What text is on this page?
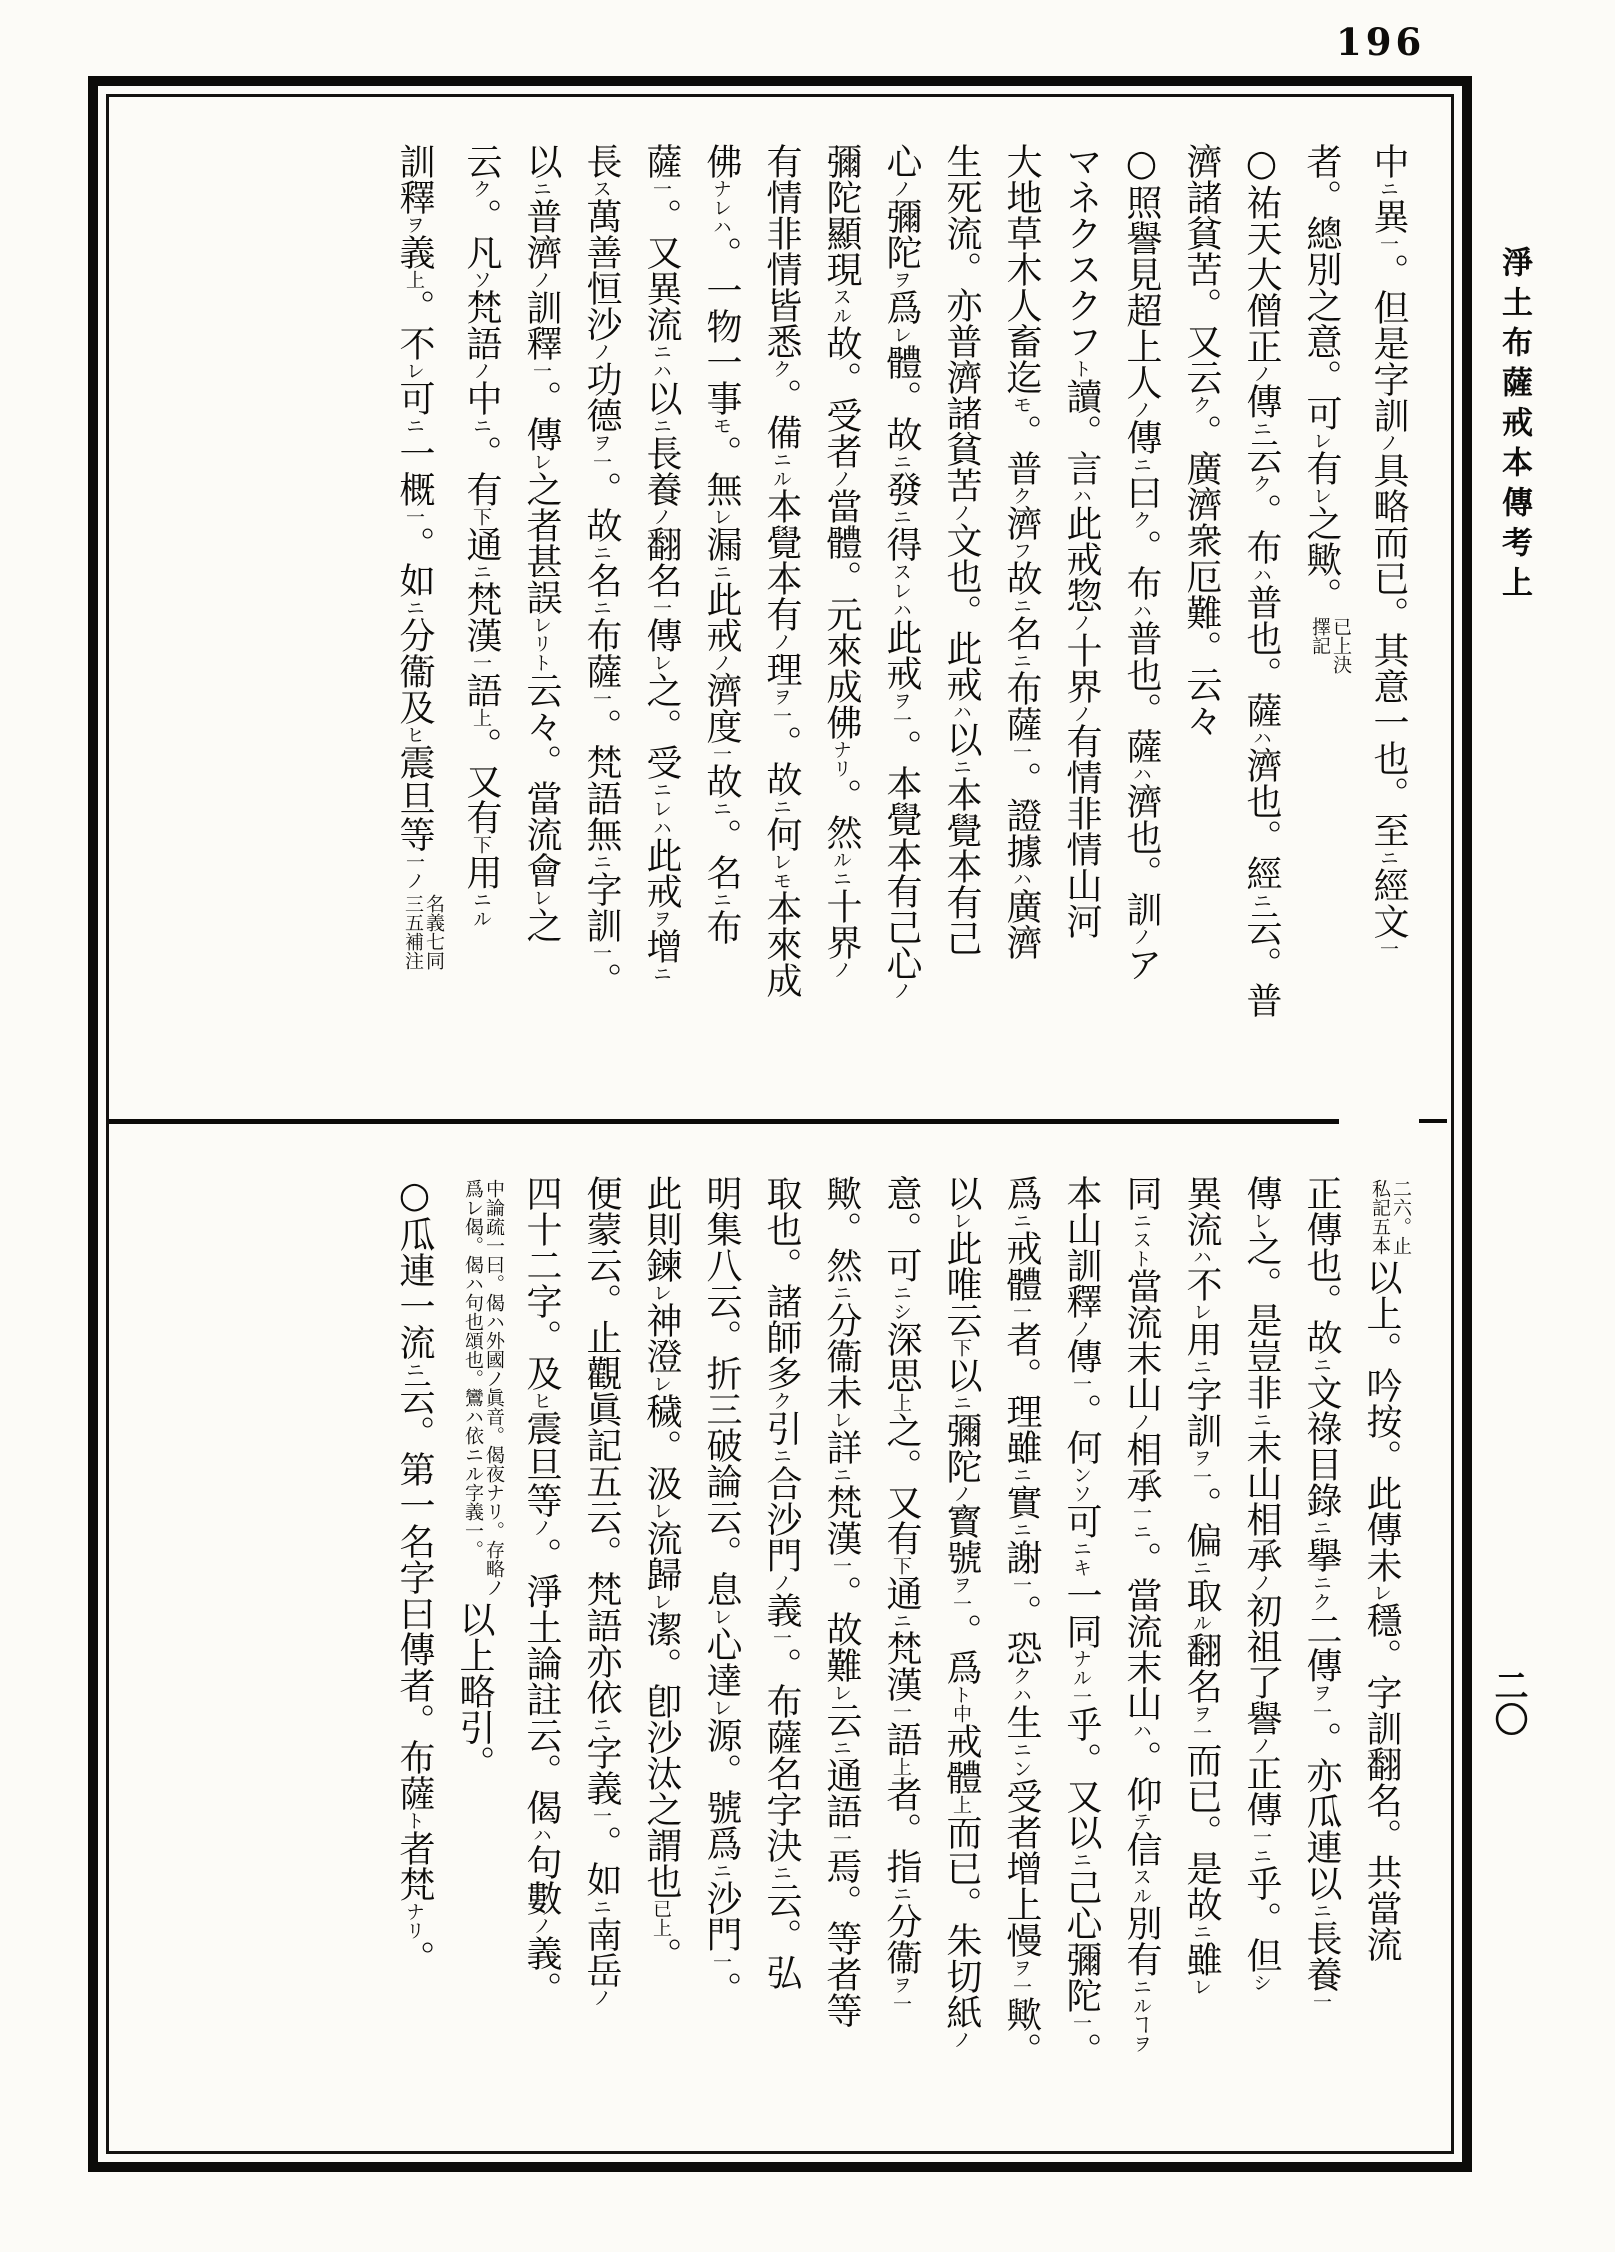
196
中ニ異一。但是字訓ノ具略而已。其意一也。至ニ經文一
者。總別之意。可レ有レ之歟。
已上決
擇記
○祐天大僧正ノ傳ニ云ク。布ハ普也。薩ハ濟也。經ニ云。普
濟諸貧苦。又云ク。廣濟衆厄難。云々
○照譽見超上人ノ傳ニ曰ク。布ハ普也。薩ハ濟也。訓ノア
マネクスクフト讀。言ハ此戒惣ノ十界ノ有情非情山河
大地草木人畜迄モ。普ク濟フ故ニ名ニ布薩一。證據ハ廣濟
生死流。亦普濟諸貧苦ノ文也。此戒ハ以ニ本覺本有己
心ノ彌陀ヲ爲レ體。故ニ發ニ得スレハ此戒ヲ一。本覺本有己心ノ
彌陀顯現スル故。受者ノ當體。元來成佛ナリ。然ルニ十界ノ
有情非情皆悉ク。備ニル本覺本有ノ理ヲ一。故ニ何レモ本來成
佛ナレハ。一物一事モ。無レ漏ニ此戒ノ濟度一故ニ。名ニ布
薩一。又異流ニハ以ニ長養ノ翻名一傳レ之。受ニレハ此戒ヲ增ニ
長ス萬善恒沙ノ功德ヲ一。故ニ名ニ布薩一。梵語無ニ字訓一。
以ニ普濟ノ訓釋一。傳レ之者甚誤レリト云々。當流會レ之
云ク。凡ソ梵語ノ中ニ。有下通ニ梵漢一語上。又有下用ニル
訓釋ヲ義上。不レ可ニ一概一。如ニ分衞及ヒ震旦等一ノ
名義七同
三五補注
二六。止
私記五本
以上。吟按。此傳未レ穩。字訓翻名。共當流
正傳也。故ニ文祿目錄ニ擧ニク二傳ヲ一。亦瓜連以ニ長養一
傳レ之。是豈非ニ末山相承ノ初祖了譽ノ正傳一ニ乎。但シ
異流ハ不レ用ニ字訓ヲ一。偏ニ取ル翻名ヲ一而已。是故ニ雖レ
同ニスト當流末山ノ相承一ニ。當流末山ハ。仰テ信スル別有ニルヿヲ
本山訓釋ノ傳一。何ンソ可ニキ一同ナル一乎。又以ニ己心彌陀一。
爲ニ戒體一者。理雖ニ實ニ謝一。恐クハ生ニン受者增上慢ヲ一歟。
以レ此唯云下以ニ彌陀ノ寳號ヲ一。爲ト中戒體上而已。朱切紙ノ
意。可ニシ深思上之。又有下通ニ梵漢一語上者。指ニ分衞ヲ一
歟。然ニ分衞未レ詳ニ梵漢一。故難レ云ニ通語一焉。等者等
取也。諸師多ク引ニ合沙門ノ義一。布薩名字決ニ云。弘
明集八云。折三破論云。息レ心達レ源。號爲ニ沙門一。
此則鍊レ神澄レ穢。汲レ流歸レ潔。卽沙汰之謂也已上。
便蒙云。止觀眞記五云。梵語亦依ニ字義一。如ニ南岳ノ
四十二字。及ヒ震旦等ノ。淨土論註云。偈ハ句數ノ義。
中論疏一曰。偈ハ外國ノ眞音。偈夜ナリ。存略ノ
爲レ偈。偈ハ句也頌也。鸞ハ依ニル字義一。
以上略引。
○瓜連一流ニ云。第一名字曰傳者。布薩ト者梵ナリ。
淨土布薩戒本傳考上
二〇
